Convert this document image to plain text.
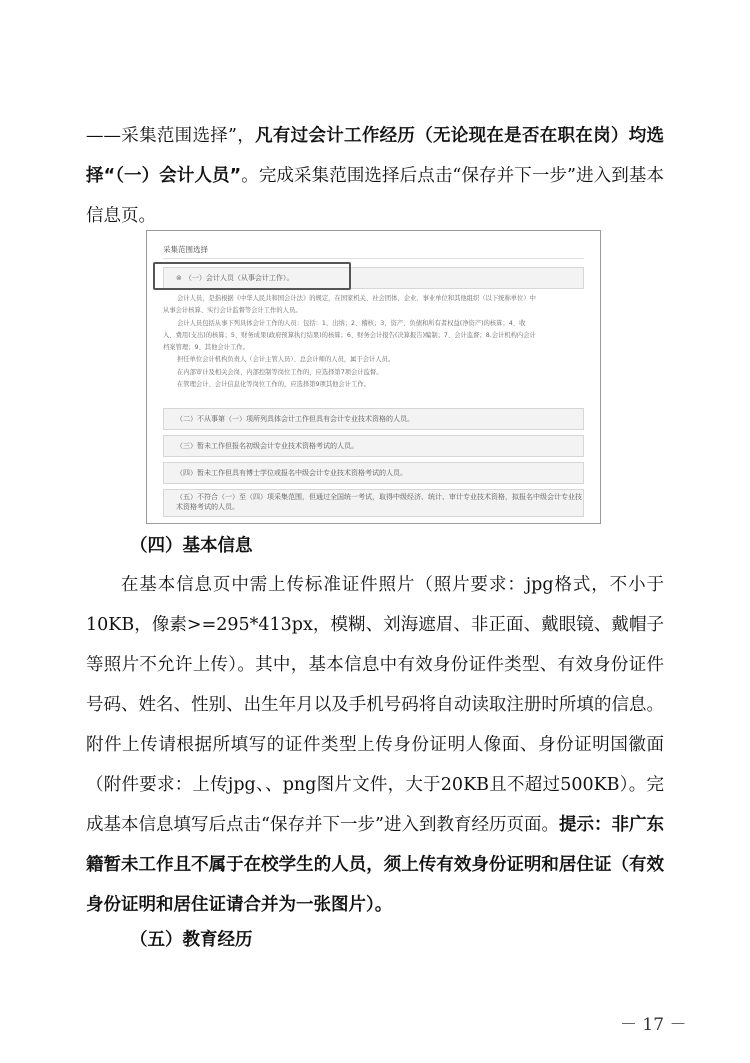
——采集范围选择”，凡有过会计工作经历（无论现在是否在职在岗）均选择“（一）会计人员”。完成采集范围选择后点击“保存并下一步”进入到基本信息页。

采集范围选择
⊗ （一）会计人员（从事会计工作）。
会计人员，是指根据《中华人民共和国会计法》的规定，在国家机关、社会团体、企业、事业单位和其他组织（以下统称单位）中
从事会计核算、实行会计监督等会计工作的人员。
会计人员包括从事下列具体会计工作的人员：包括：1、出纳；2、稽核；3、资产、负债和所有者权益(净资产)的核算；4、收
入、费用(支出)的核算；5、财务成果(政府预算执行结果)的核算；6、财务会计报告(决算报告)编制；7、会计监督；8.会计机构内会计
档案管理；9、其他会计工作。
担任单位会计机构负责人（会计主管人员）、总会计师的人员，属于会计人员。
在内部审计及相关会岗、内部控制等岗位工作的，应选择第7项会计监督。
在管理会计、会计信息化等岗位工作的，应选择第9项其他会计工作。
（二）不从事第（一）项所列具体会计工作但具有会计专业技术资格的人员。
（三）暂未工作但报名初级会计专业技术资格考试的人员。
（四）暂未工作但具有博士学位或报名中级会计专业技术资格考试的人员。
（五）不符合（一）至（四）项采集范围，但通过全国统一考试，取得中级经济、统计、审计专业技术资格，拟报名中级会计专业技术资格考试的人员。
（四）基本信息

在基本信息页中需上传标准证件照片（照片要求：jpg格式，不小于10KB，像素>=295*413px，模糊、刘海遮眉、非正面、戴眼镜、戴帽子等照片不允许上传）。其中，基本信息中有效身份证件类型、有效身份证件号码、姓名、性别、出生年月以及手机号码将自动读取注册时所填的信息。附件上传请根据所填写的证件类型上传身份证明人像面、身份证明国徽面（附件要求：上传jpg、、png图片文件，大于20KB且不超过500KB）。完成基本信息填写后点击“保存并下一步”进入到教育经历页面。提示：非广东籍暂未工作且不属于在校学生的人员，须上传有效身份证明和居住证（有效身份证明和居住证请合并为一张图片）。

（五）教育经历
－ 17 －
